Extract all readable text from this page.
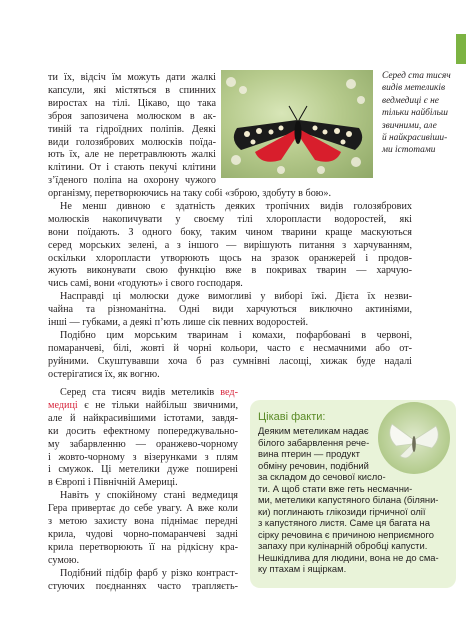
Серед ста тисяч
видів метеликів
ведмедиці є не
тільки найбільш
звичними, але
й найкрасивіши-
ми істотами
ти їх, відсіч їм можуть дати жалкі
капсули, які містяться в спинних
виростах на тілі. Цікаво, що така
зброя запозичена молюском в ак-
тиній та гідроїдних поліпів. Деякі
види голозябрових молюсків поїда-
ють їх, але не перетравлюють жалкі
клітини. От і стають пекучі клітини
з’їденого поліпа на охорону чужого
організму, перетворюючись на таку собі «зброю, здобуту в бою».
Не менш дивною є здатність деяких тропічних видів голозябрових
молюсків накопичувати у своєму тілі хлоропласти водоростей, які
вони поїдають. З одного боку, таким чином тварини краще маскуються
серед морських зелені, а з іншого — вирішують питання з харчуванням,
оскільки хлоропласти утворюють щось на зразок оранжерей і продов-
жують виконувати свою функцію вже в покривах тварин — харчую-
чись самі, вони «годують» і свого господаря.
Насправді ці молюски дуже вимогливі у виборі їжі. Дієта їх незви-
чайна та різноманітна. Одні види харчуються виключно актиніями,
інші — губками, а деякі п’ють лише сік певних водоростей.
Подібно цим морським тваринам і комахи, пофарбовані в червоні,
помаранчеві, білі, жовті й чорні кольори, часто є несмачними або от-
руйними. Скуштувавши хоча б раз сумнівні ласощі, хижак буде надалі
остерігатися їх, як вогню.
Серед ста тисяч видів метеликів вед-
медиці є не тільки найбільш звичними,
але й найкрасивішими істотами, завдя-
ки досить ефектному попереджувально-
му забарвленню — оранжево-чорному
і жовто-чорному з візерунками з плям
і смужок. Ці метелики дуже поширені
в Європі і Північній Америці.
Навіть у спокійному стані ведмедиця
Гера привертає до себе увагу. А вже коли
з метою захисту вона піднімає передні
крила, чудові чорно-помаранчеві задні
крила перетворюють її на рідкісну кра-
сумою.
Подібний підбір фарб у різко контраст-
стуючих поєднаннях часто трапляєть-
Цікаві факти:
Деяким метеликам надає
білого забарвлення рече-
вина птерин — продукт
обміну речовин, подібний
за складом до сечової кисло-
ти. А щоб стати вже геть несмачни-
ми, метелики капустяного біланa (біляни-
ки) поглинають глікозиди гірчичної олії
з капустяного листя. Саме ця багата на
сірку речовина є причиною неприємного
запаху при кулінарній обробці капусти.
Нешкідлива для людини, вона не до сма-
ку птахам і ящіркам.
